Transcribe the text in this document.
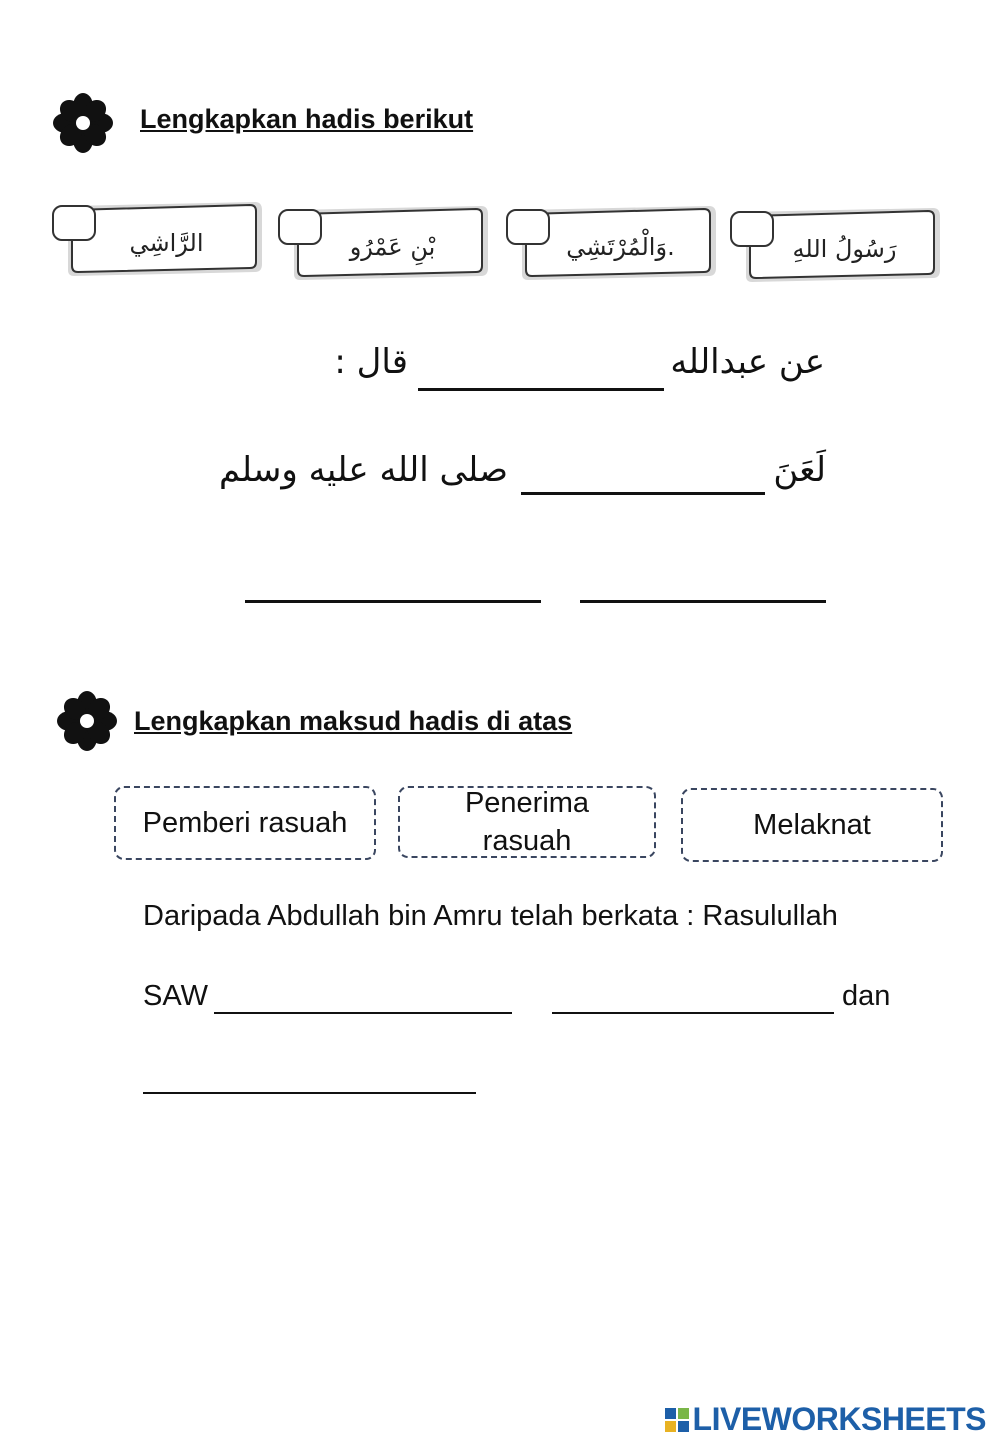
Lengkapkan hadis berikut
الرَّاشِي	بْنِ عَمْرُو	وَالْمُرْتَشِي.	رَسُولُ اللهِ
عن عبدالله
قال :
لَعَنَ
صلى الله عليه وسلم
Lengkapkan maksud hadis di atas
Pemberi rasuah
Penerima rasuah	Melaknat
Daripada Abdullah bin Amru telah berkata : Rasulullah
SAW	dan
LIVEWORKSHEETS
